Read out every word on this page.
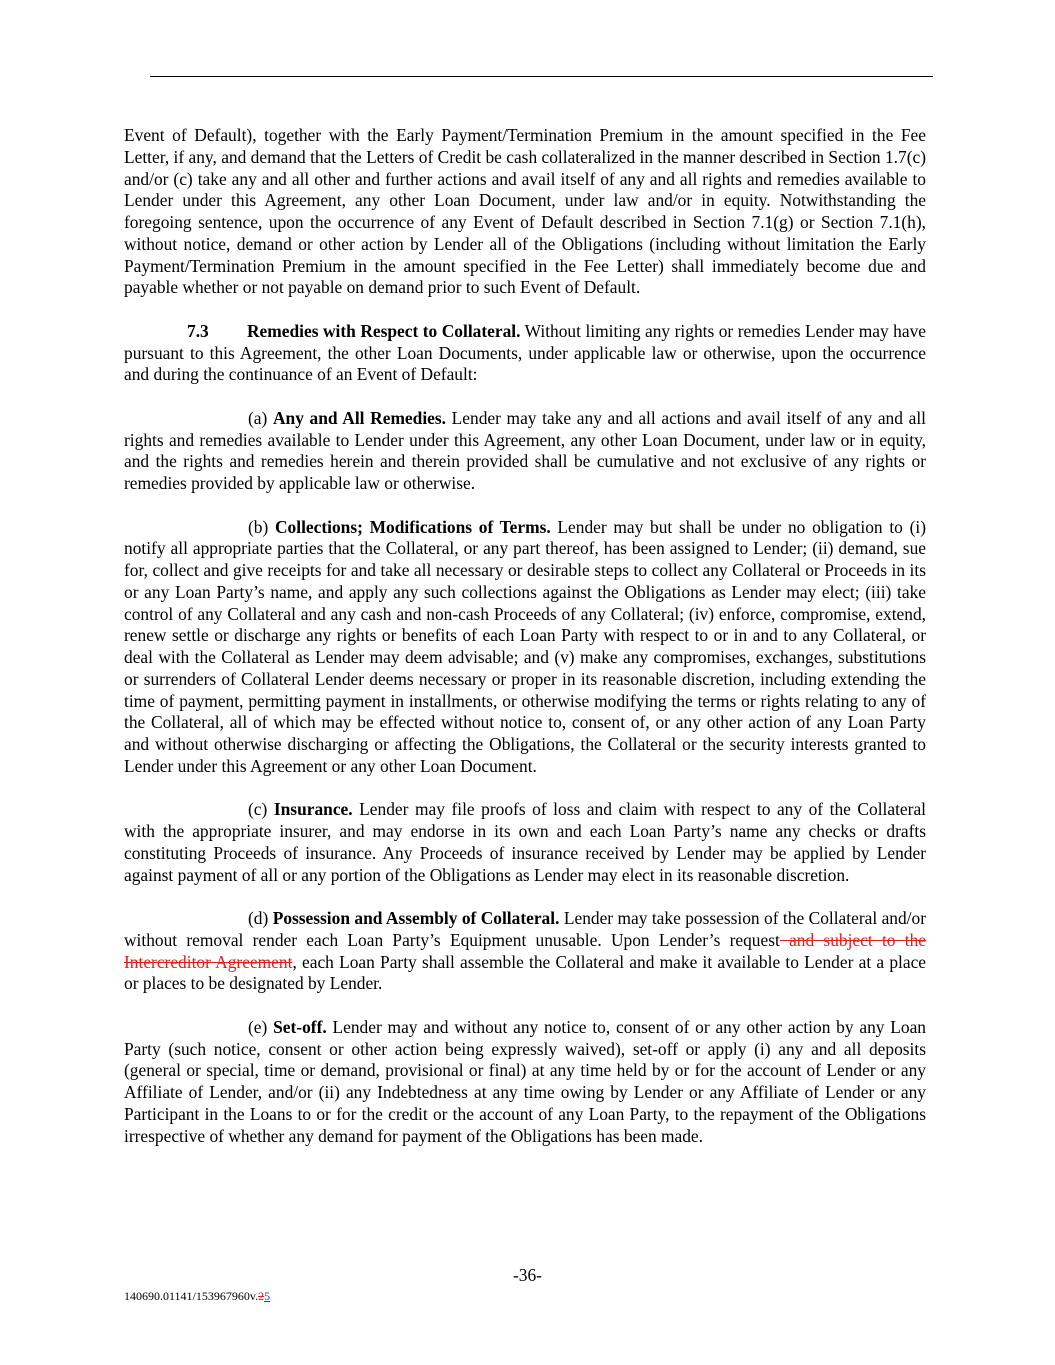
Event of Default), together with the Early Payment/Termination Premium in the amount specified in the Fee Letter, if any, and demand that the Letters of Credit be cash collateralized in the manner described in Section 1.7(c) and/or (c) take any and all other and further actions and avail itself of any and all rights and remedies available to Lender under this Agreement, any other Loan Document, under law and/or in equity. Notwithstanding the foregoing sentence, upon the occurrence of any Event of Default described in Section 7.1(g) or Section 7.1(h), without notice, demand or other action by Lender all of the Obligations (including without limitation the Early Payment/Termination Premium in the amount specified in the Fee Letter) shall immediately become due and payable whether or not payable on demand prior to such Event of Default.

7.3 Remedies with Respect to Collateral. Without limiting any rights or remedies Lender may have pursuant to this Agreement, the other Loan Documents, under applicable law or otherwise, upon the occurrence and during the continuance of an Event of Default:

(a) Any and All Remedies. Lender may take any and all actions and avail itself of any and all rights and remedies available to Lender under this Agreement, any other Loan Document, under law or in equity, and the rights and remedies herein and therein provided shall be cumulative and not exclusive of any rights or remedies provided by applicable law or otherwise.

(b) Collections; Modifications of Terms. Lender may but shall be under no obligation to (i) notify all appropriate parties that the Collateral, or any part thereof, has been assigned to Lender; (ii) demand, sue for, collect and give receipts for and take all necessary or desirable steps to collect any Collateral or Proceeds in its or any Loan Party’s name, and apply any such collections against the Obligations as Lender may elect; (iii) take control of any Collateral and any cash and non-cash Proceeds of any Collateral; (iv) enforce, compromise, extend, renew settle or discharge any rights or benefits of each Loan Party with respect to or in and to any Collateral, or deal with the Collateral as Lender may deem advisable; and (v) make any compromises, exchanges, substitutions or surrenders of Collateral Lender deems necessary or proper in its reasonable discretion, including extending the time of payment, permitting payment in installments, or otherwise modifying the terms or rights relating to any of the Collateral, all of which may be effected without notice to, consent of, or any other action of any Loan Party and without otherwise discharging or affecting the Obligations, the Collateral or the security interests granted to Lender under this Agreement or any other Loan Document.

(c) Insurance. Lender may file proofs of loss and claim with respect to any of the Collateral with the appropriate insurer, and may endorse in its own and each Loan Party’s name any checks or drafts constituting Proceeds of insurance. Any Proceeds of insurance received by Lender may be applied by Lender against payment of all or any portion of the Obligations as Lender may elect in its reasonable discretion.

(d) Possession and Assembly of Collateral. Lender may take possession of the Collateral and/or without removal render each Loan Party’s Equipment unusable. Upon Lender’s request and subject to the Intercreditor Agreement, each Loan Party shall assemble the Collateral and make it available to Lender at a place or places to be designated by Lender.

(e) Set-off. Lender may and without any notice to, consent of or any other action by any Loan Party (such notice, consent or other action being expressly waived), set-off or apply (i) any and all deposits (general or special, time or demand, provisional or final) at any time held by or for the account of Lender or any Affiliate of Lender, and/or (ii) any Indebtedness at any time owing by Lender or any Affiliate of Lender or any Participant in the Loans to or for the credit or the account of any Loan Party, to the repayment of the Obligations irrespective of whether any demand for payment of the Obligations has been made.

-36-
140690.01141/153967960v.25
